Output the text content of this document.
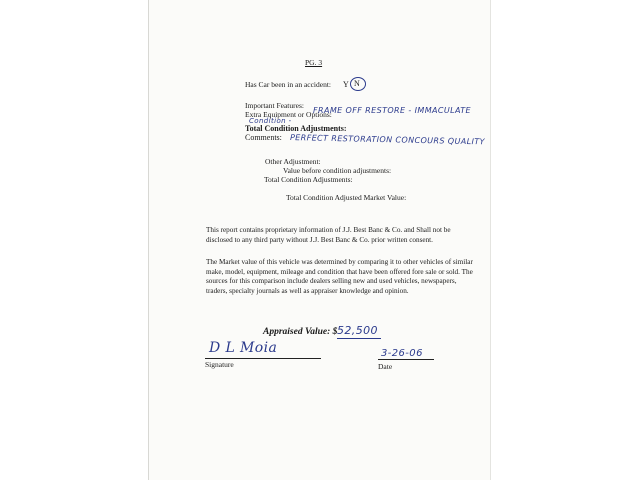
PG. 3
Has Car been in an accident: Y N
Important Features:
Extra Equipment or Options:
FRAME OFF RESTORE - IMMACULATE
Condition -
Total Condition Adjustments:
Comments: PERFECT RESTORATION CONCOURS QUALITY
Other Adjustment:
Value before condition adjustments:
Total Condition Adjustments:
Total Condition Adjusted Market Value:
This report contains proprietary information of J.J. Best Banc & Co. and Shall not be disclosed to any third party without J.J. Best Banc & Co. prior written consent.
The Market value of this vehicle was determined by comparing it to other vehicles of similar make, model, equipment, mileage and condition that have been offered fore sale or sold. The sources for this comparison include dealers selling new and used vehicles, newspapers, traders, specialty journals as well as appraiser knowledge and opinion.
Appraised Value: $ 52,500
D L Moia
Signature
3-26-06
Date
